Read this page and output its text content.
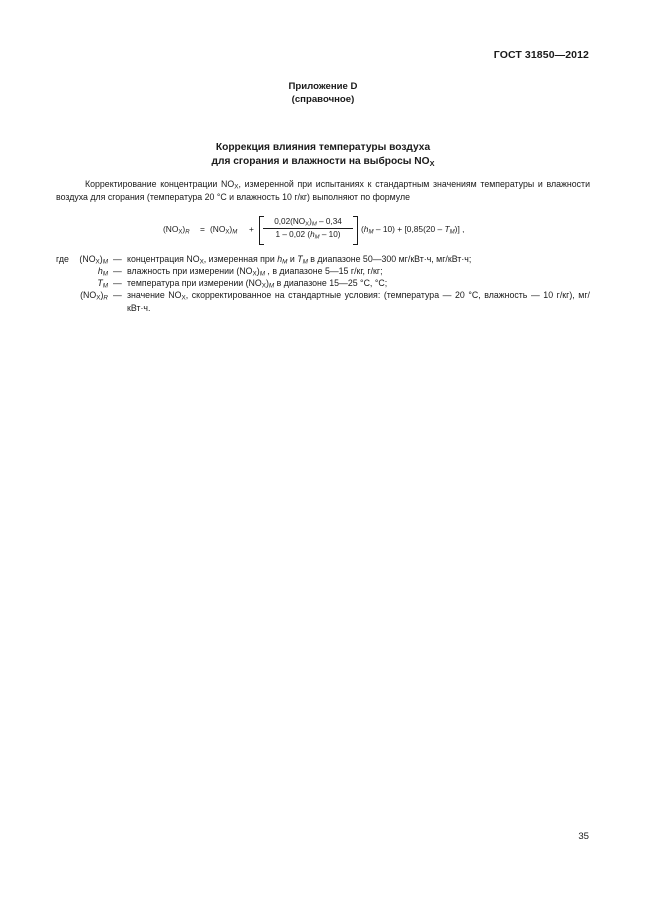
ГОСТ 31850—2012
Приложение D
(справочное)
Коррекция влияния температуры воздуха
для сгорания и влажности на выбросы $NO_X$
Корректирование концентрации $NO_X$, измеренной при испытаниях к стандартным значениям температуры и влажности воздуха для сгорания (температура 20 °С и влажность 10 г/кг) выполняют по формуле
$(NO_X)_R = (NO_X)_M$ +
$0,02(NO_X)_M - 0,34$
1 – 0,02 $(h_M - 10)$
$(h_M - 10) + [0,85(20 - T_M)]$ ,
где	$(NO_X)_M$ — концентрация $NO_X$, измеренная при $h_M$ и $T_M$ в диапазоне 50—300 мг/кВт·ч, мг/кВт·ч;
$h_M$ — влажность при измерении $(NO_X)_M$ , в диапазоне 5—15 г/кг, г/кг;
$T_M$ — температура при измерении $(NO_X)_M$ в диапазоне 15—25 °С, °С;
$(NO_X)_R$ — значение $NO_X$, скорректированное на стандартные условия: (температура — 20 °С, влажность — 10 г/кг), мг/кВт·ч.
35
